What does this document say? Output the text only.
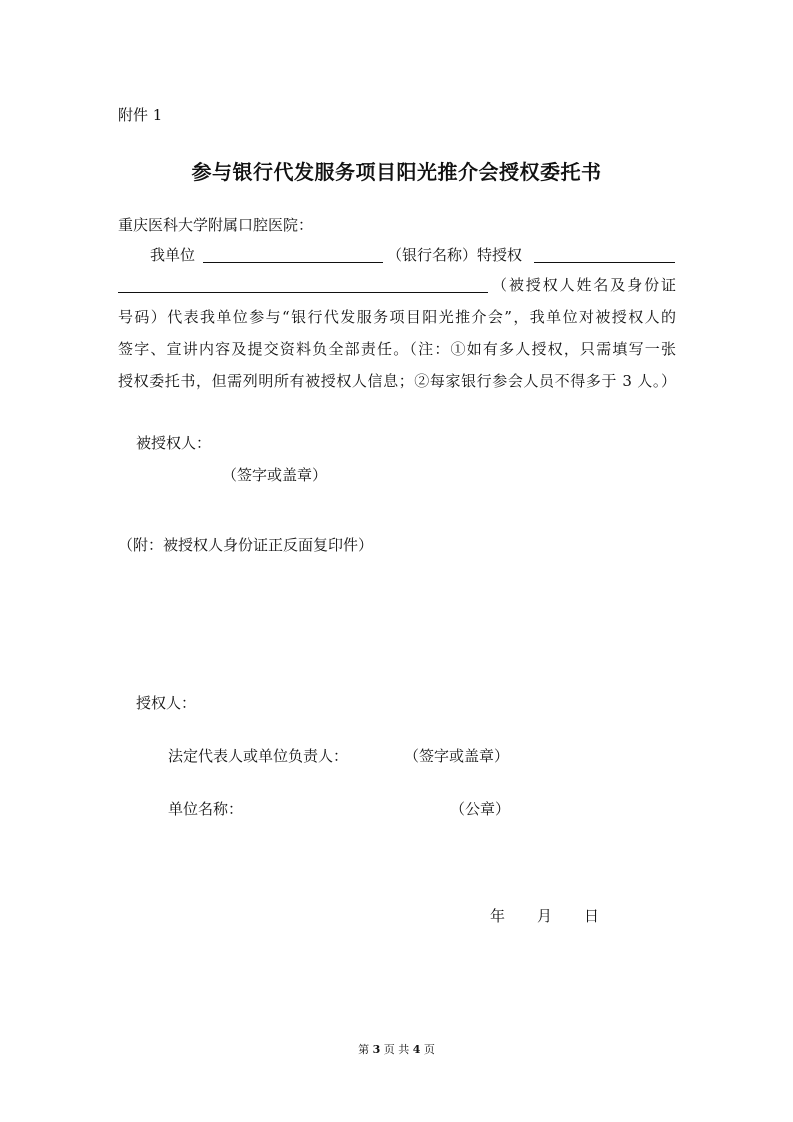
附件 1
参与银行代发服务项目阳光推介会授权委托书
重庆医科大学附属口腔医院：
我单位	（银行名称）特授权
（被授权人姓名及身份证
号码）代表我单位参与“银行代发服务项目阳光推介会”，我单位对被授权人的
签字、宣讲内容及提交资料负全部责任。（注：①如有多人授权，只需填写一张
授权委托书，但需列明所有被授权人信息；②每家银行参会人员不得多于 3 人。）
被授权人：
（签字或盖章）
（附：被授权人身份证正反面复印件）
授权人：
法定代表人或单位负责人：	（签字或盖章）
单位名称：	（公章）
年 月 日
第 3 页 共 4 页
